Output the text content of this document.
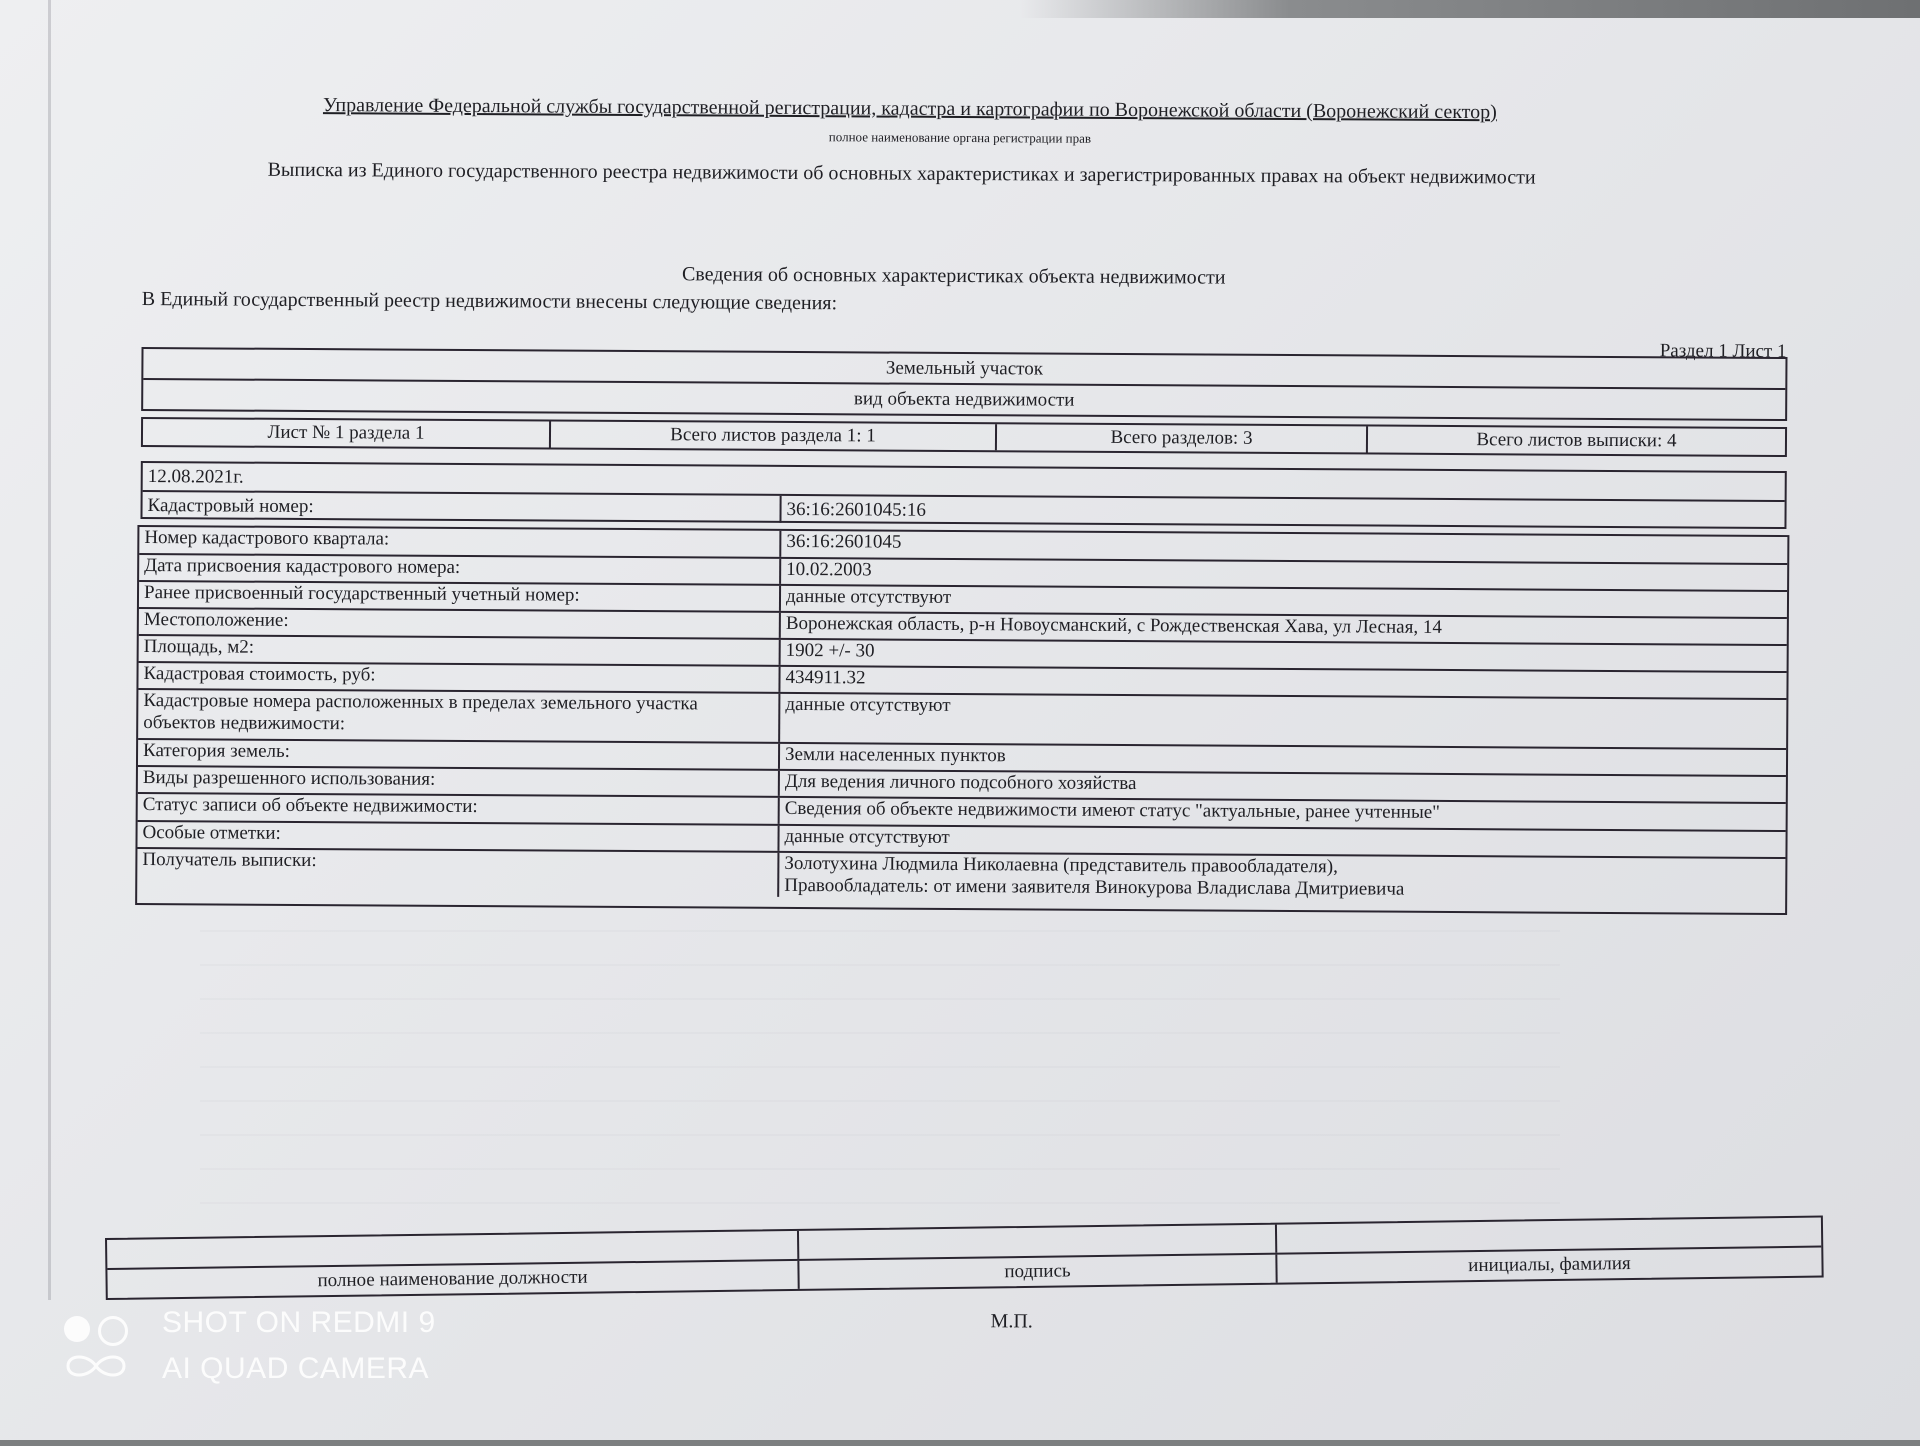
Управление Федеральной службы государственной регистрации, кадастра и картографии по Воронежской области (Воронежский сектор)
полное наименование органа регистрации прав
Выписка из Единого государственного реестра недвижимости об основных характеристиках и зарегистрированных правах на объект недвижимости
Сведения об основных характеристиках объекта недвижимости
В Единый государственный реестр недвижимости внесены следующие сведения:
Раздел 1 Лист 1
Земельный участок
вид объекта недвижимости
Лист № 1 раздела 1	Всего листов раздела 1: 1	Всего разделов: 3	Всего листов выписки: 4
12.08.2021г.
Кадастровый номер:	36:16:2601045:16
Номер кадастрового квартала:	36:16:2601045
Дата присвоения кадастрового номера:	10.02.2003
Ранее присвоенный государственный учетный номер:	данные отсутствуют
Местоположение:	Воронежская область, р-н Новоусманский, с Рождественская Хава, ул Лесная, 14
Площадь, м2:	1902 +/- 30
Кадастровая стоимость, руб:	434911.32
Кадастровые номера расположенных в пределах земельного участка объектов недвижимости:
данные отсутствуют
Категория земель:	Земли населенных пунктов
Виды разрешенного использования:	Для ведения личного подсобного хозяйства
Статус записи об объекте недвижимости:	Сведения об объекте недвижимости имеют статус "актуальные, ранее учтенные"
Особые отметки:	данные отсутствуют
Получатель выписки:	Золотухина Людмила Николаевна (представитель правообладателя),
Правообладатель: от имени заявителя Винокурова Владислава Дмитриевича
М.П.
полное наименование должности	подпись	инициалы, фамилия
SHOT ON REDMI 9
AI QUAD CAMERA
